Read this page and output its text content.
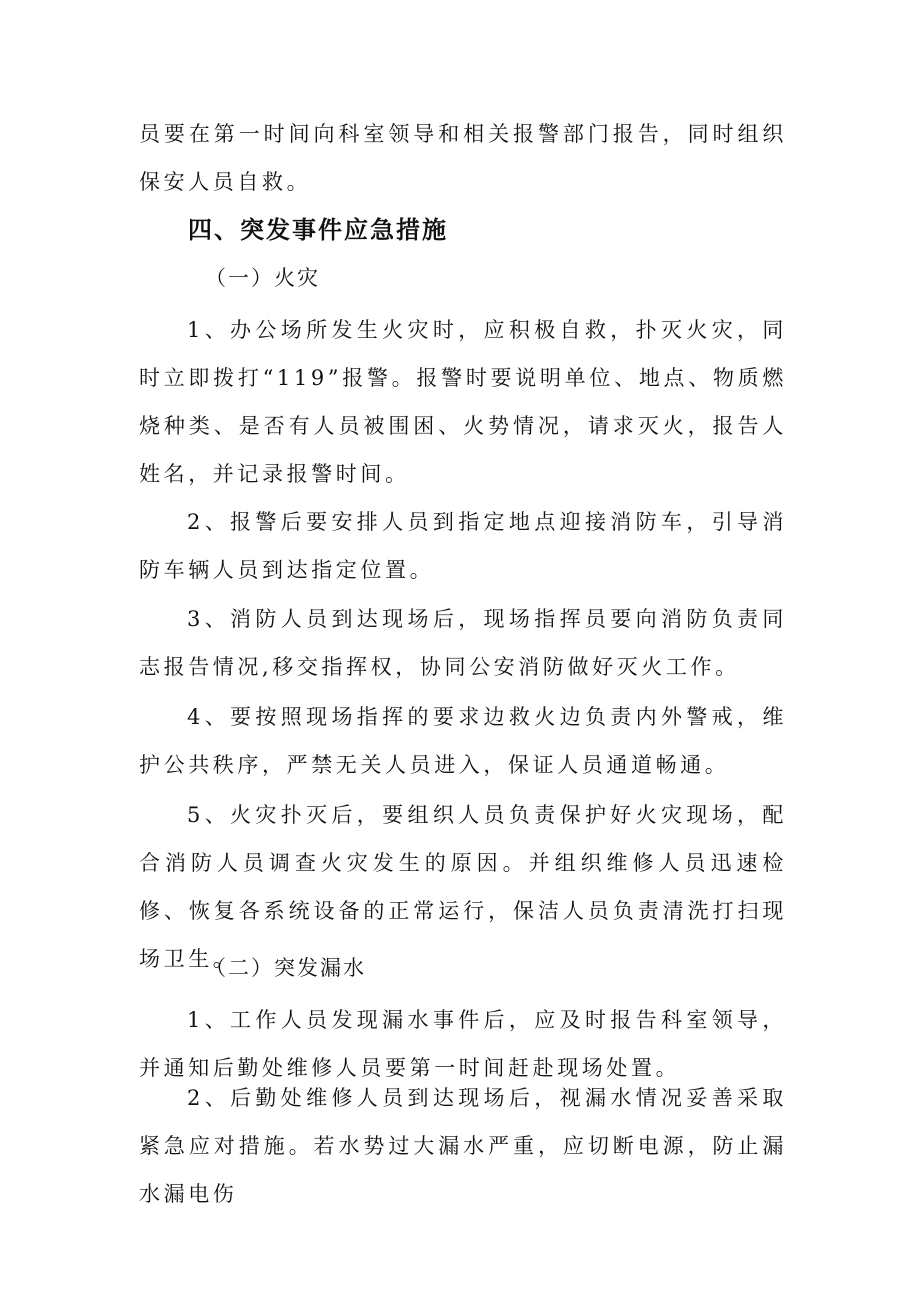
员要在第一时间向科室领导和相关报警部门报告，同时组织保安人员自救。

四、突发事件应急措施

（一）火灾

1、办公场所发生火灾时，应积极自救，扑灭火灾，同时立即拨打“119”报警。报警时要说明单位、地点、物质燃烧种类、是否有人员被围困、火势情况，请求灭火，报告人姓名，并记录报警时间。

2、报警后要安排人员到指定地点迎接消防车，引导消防车辆人员到达指定位置。

3、消防人员到达现场后，现场指挥员要向消防负责同志报告情况,移交指挥权，协同公安消防做好灭火工作。

4、要按照现场指挥的要求边救火边负责内外警戒，维护公共秩序，严禁无关人员进入，保证人员通道畅通。

5、火灾扑灭后，要组织人员负责保护好火灾现场，配合消防人员调查火灾发生的原因。并组织维修人员迅速检修、恢复各系统设备的正常运行，保洁人员负责清洗打扫现场卫生。

（二）突发漏水

1、工作人员发现漏水事件后，应及时报告科室领导，并通知后勤处维修人员要第一时间赶赴现场处置。

2、后勤处维修人员到达现场后，视漏水情况妥善采取紧急应对措施。若水势过大漏水严重，应切断电源，防止漏水漏电伤
